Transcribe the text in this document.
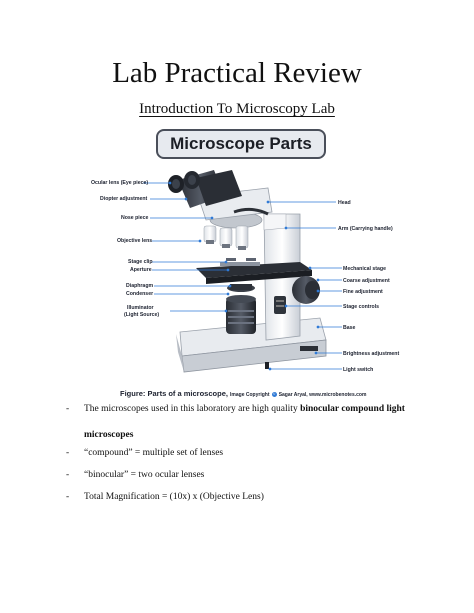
Lab Practical Review
Introduction To Microscopy Lab
Microscope Parts
Ocular lens (Eye piece)
Diopter adjustment
Nose piece
Objective lens
Stage clip
Aperture
Diaphragm
Condenser
Illuminator
(Light Source)
Head
Arm (Carrying handle)
Mechanical stage
Coarse adjustment
Fine adjustment
Stage controls
Base
Brightness adjustment
Light switch
Figure: Parts of a microscope, Image Copyright © Sagar Aryal, www.microbenotes.com
- The microscopes used in this laboratory are high quality binocular compound light
microscopes
- “compound” = multiple set of lenses
- “binocular” = two ocular lenses
- Total Magnification = (10x) x (Objective Lens)
